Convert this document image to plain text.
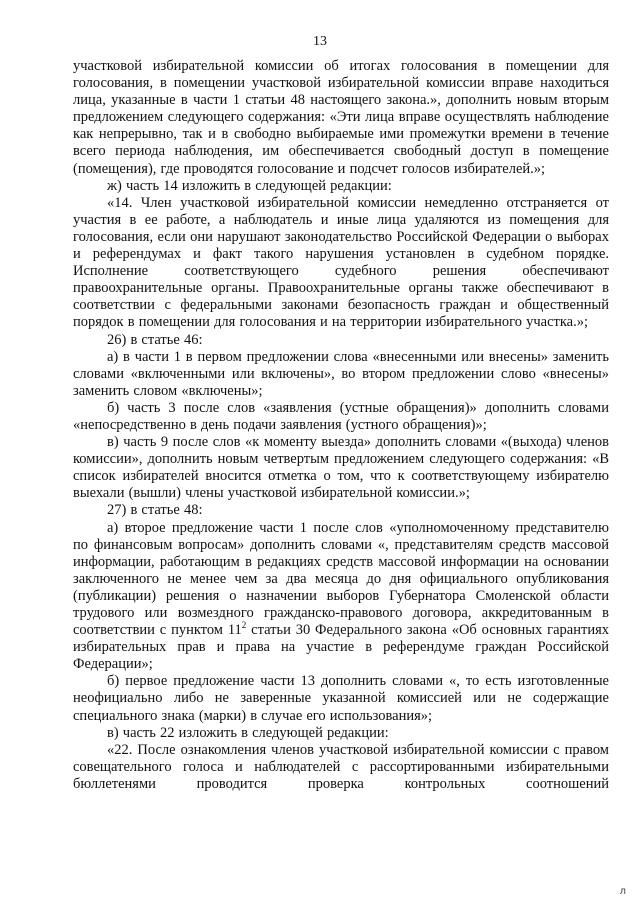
13

участковой избирательной комиссии об итогах голосования в помещении для голосования, в помещении участковой избирательной комиссии вправе находиться лица, указанные в части 1 статьи 48 настоящего закона.», дополнить новым вторым предложением следующего содержания: «Эти лица вправе осуществлять наблюдение как непрерывно, так и в свободно выбираемые ими промежутки времени в течение всего периода наблюдения, им обеспечивается свободный доступ в помещение (помещения), где проводятся голосование и подсчет голосов избирателей.»;

ж) часть 14 изложить в следующей редакции:

«14. Член участковой избирательной комиссии немедленно отстраняется от участия в ее работе, а наблюдатель и иные лица удаляются из помещения для голосования, если они нарушают законодательство Российской Федерации о выборах и референдумах и факт такого нарушения установлен в судебном порядке. Исполнение соответствующего судебного решения обеспечивают правоохранительные органы. Правоохранительные органы также обеспечивают в соответствии с федеральными законами безопасность граждан и общественный порядок в помещении для голосования и на территории избирательного участка.»;

26) в статье 46:

а) в части 1 в первом предложении слова «внесенными или внесены» заменить словами «включенными или включены», во втором предложении слово «внесены» заменить словом «включены»;

б) часть 3 после слов «заявления (устные обращения)» дополнить словами «непосредственно в день подачи заявления (устного обращения)»;

в) часть 9 после слов «к моменту выезда» дополнить словами «(выхода) членов комиссии», дополнить новым четвертым предложением следующего содержания: «В список избирателей вносится отметка о том, что к соответствующему избирателю выехали (вышли) члены участковой избирательной комиссии.»;

27) в статье 48:

а) второе предложение части 1 после слов «уполномоченному представителю по финансовым вопросам» дополнить словами «, представителям средств массовой информации, работающим в редакциях средств массовой информации на основании заключенного не менее чем за два месяца до дня официального опубликования (публикации) решения о назначении выборов Губернатора Смоленской области трудового или возмездного гражданско-правового договора, аккредитованным в соответствии с пунктом $11^2$ статьи 30 Федерального закона «Об основных гарантиях избирательных прав и права на участие в референдуме граждан Российской Федерации»;

б) первое предложение части 13 дополнить словами «, то есть изготовленные неофициально либо не заверенные указанной комиссией или не содержащие специального знака (марки) в случае его использования»;

в) часть 22 изложить в следующей редакции:

«22. После ознакомления членов участковой избирательной комиссии с правом совещательного голоса и наблюдателей с рассортированными избирательными бюллетенями проводится проверка контрольных соотношений

л
